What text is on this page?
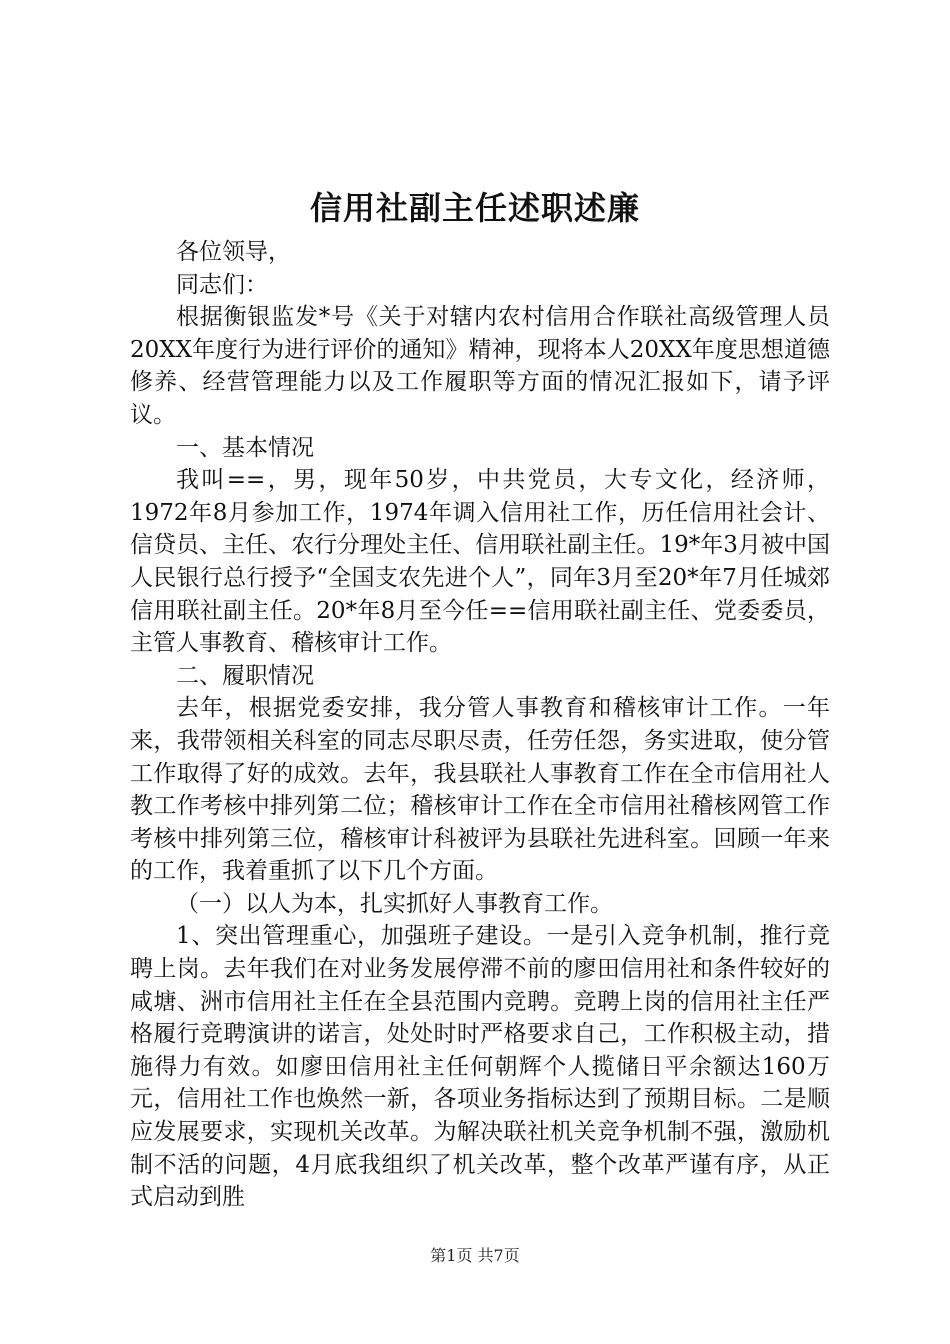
信用社副主任述职述廉

各位领导，

同志们：

根据衡银监发*号《关于对辖内农村信用合作联社高级管理人员20XX年度行为进行评价的通知》精神，现将本人20XX年度思想道德修养、经营管理能力以及工作履职等方面的情况汇报如下，请予评议。

一、基本情况

我叫==，男，现年50岁，中共党员，大专文化，经济师，1972年8月参加工作，1974年调入信用社工作，历任信用社会计、信贷员、主任、农行分理处主任、信用联社副主任。19*年3月被中国人民银行总行授予“全国支农先进个人”，同年3月至20*年7月任城郊信用联社副主任。20*年8月至今任==信用联社副主任、党委委员，主管人事教育、稽核审计工作。

二、履职情况

去年，根据党委安排，我分管人事教育和稽核审计工作。一年来，我带领相关科室的同志尽职尽责，任劳任怨，务实进取，使分管工作取得了好的成效。去年，我县联社人事教育工作在全市信用社人教工作考核中排列第二位；稽核审计工作在全市信用社稽核网管工作考核中排列第三位，稽核审计科被评为县联社先进科室。回顾一年来的工作，我着重抓了以下几个方面。

（一）以人为本，扎实抓好人事教育工作。

1、突出管理重心，加强班子建设。一是引入竞争机制，推行竞聘上岗。去年我们在对业务发展停滞不前的廖田信用社和条件较好的咸塘、洲市信用社主任在全县范围内竞聘。竞聘上岗的信用社主任严格履行竞聘演讲的诺言，处处时时严格要求自己，工作积极主动，措施得力有效。如廖田信用社主任何朝辉个人揽储日平余额达160万元，信用社工作也焕然一新，各项业务指标达到了预期目标。二是顺应发展要求，实现机关改革。为解决联社机关竞争机制不强，激励机制不活的问题，4月底我组织了机关改革，整个改革严谨有序，从正式启动到胜

第1页 共7页
